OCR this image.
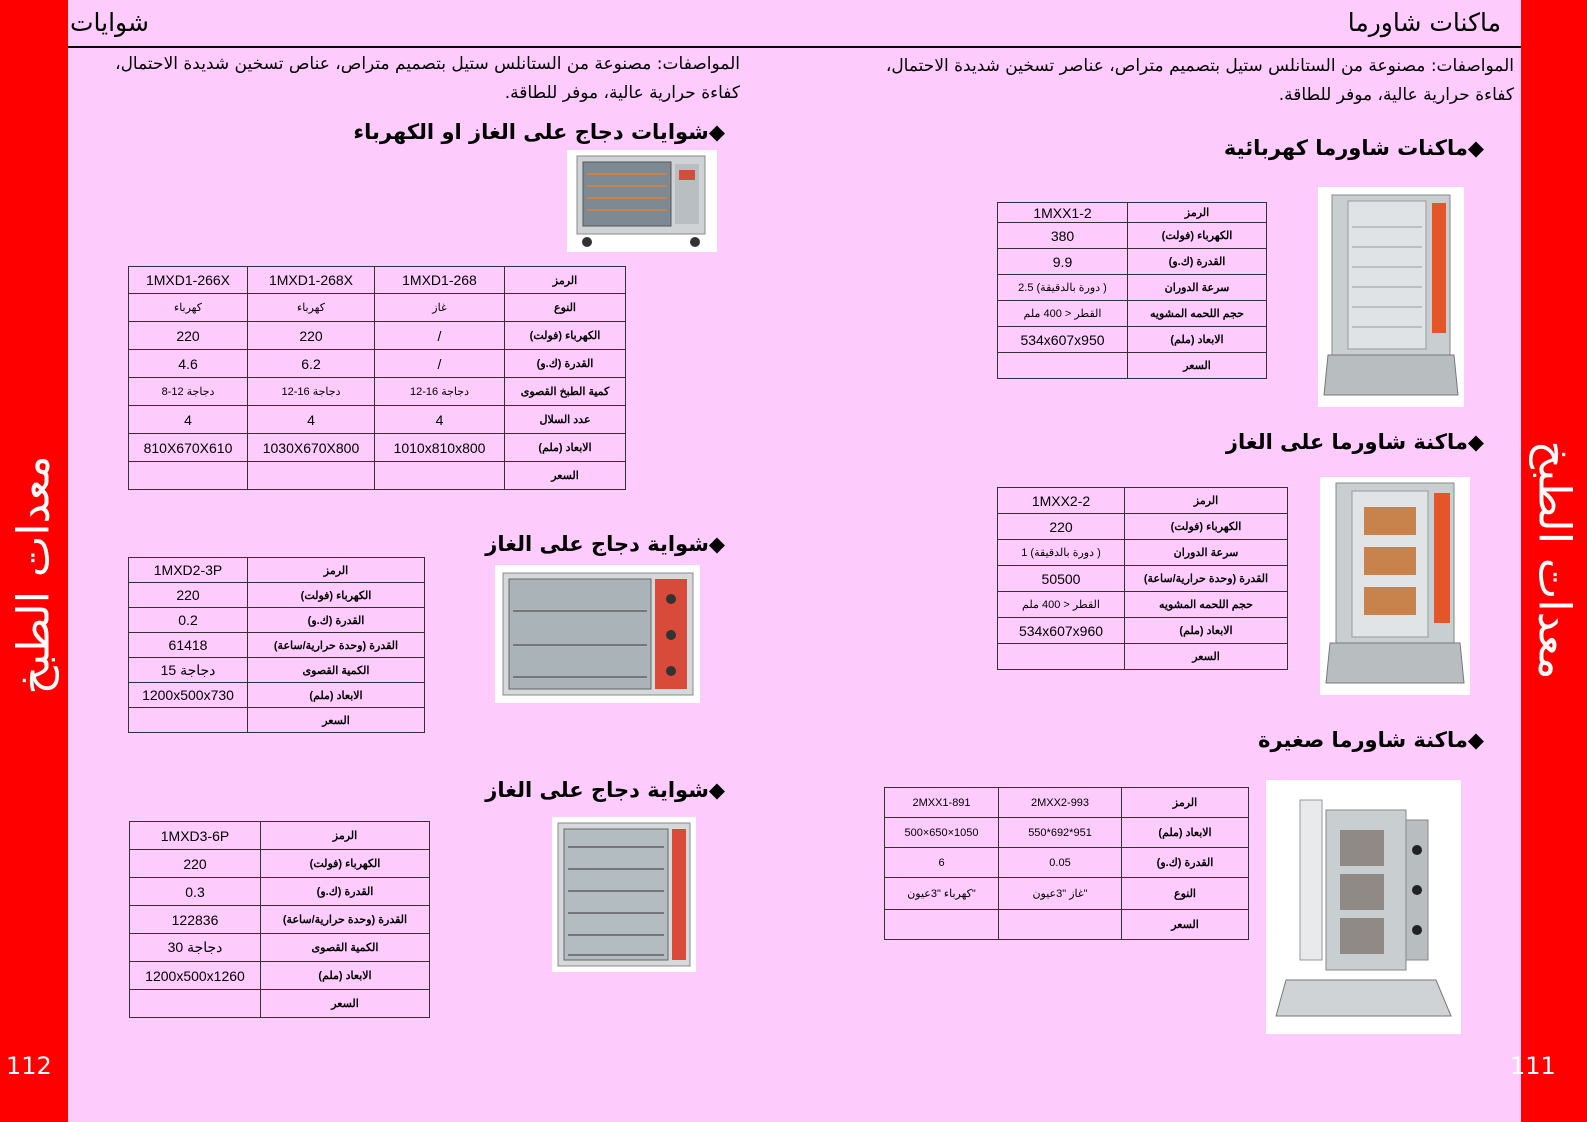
معدات الطبخ	معدات الطبخ
112	111
شوايات	ماكنات شاورما
المواصفات: مصنوعة من الستانلس ستيل بتصميم متراص، عناص تسخين شديدة الاحتمال، كفاءة حرارية عالية، موفر للطاقة.
المواصفات: مصنوعة من الستانلس ستيل بتصميم متراص، عناصر تسخين شديدة الاحتمال، كفاءة حرارية عالية، موفر للطاقة.
◆شوايات دجاج على الغاز او الكهرباء
1MXD1-266X	1MXD1-268X	1MXD1-268	الرمز
كهرباء	كهرباء	غاز	النوع
220	220	/	الكهرباء (فولت)
4.6	6.2	/	القدرة (ك.و)
8-12 دجاجة	12-16 دجاجة	12-16 دجاجة	كمية الطبخ القصوى
4	4	4	عدد السلال
810X670X610	1030X670X800	1010x810x800	الابعاد (ملم)
			السعر
◆شواية دجاج على الغاز
1MXD2-3P	الرمز
220	الكهرباء (فولت)
0.2	القدرة (ك.و)
61418	القدرة (وحدة حرارية/ساعة)
15 دجاجة	الكمية القصوى
1200x500x730	الابعاد (ملم)
	السعر
◆شواية دجاج على الغاز
1MXD3-6P	الرمز
220	الكهرباء (فولت)
0.3	القدرة (ك.و)
122836	القدرة (وحدة حرارية/ساعة)
30 دجاجة	الكمية القصوى
1200x500x1260	الابعاد (ملم)
	السعر
◆ماكنات شاورما كهربائية
1MXX1-2	الرمز
380	الكهرباء (فولت)
9.9	القدرة (ك.و)
2.5 (دورة بالدقيقة )	سرعة الدوران
القطر < 400 ملم	حجم اللحمه المشويه
534x607x950	الابعاد (ملم)
	السعر
◆ماكنة شاورما على الغاز
1MXX2-2	الرمز
220	الكهرباء (فولت)
1 (دورة بالدقيقة )	سرعة الدوران
50500	القدرة (وحدة حرارية/ساعة)
القطر < 400 ملم	حجم اللحمه المشويه
534x607x960	الابعاد (ملم)
	السعر
◆ماكنة شاورما صغيرة
2MXX1-891	2MXX2-993	الرمز
500×650×1050	550*692*951	الابعاد (ملم)
6	0.05	القدرة (ك.و)
كهرباء "3عيون"	غاز "3عيون"	النوع
		السعر
